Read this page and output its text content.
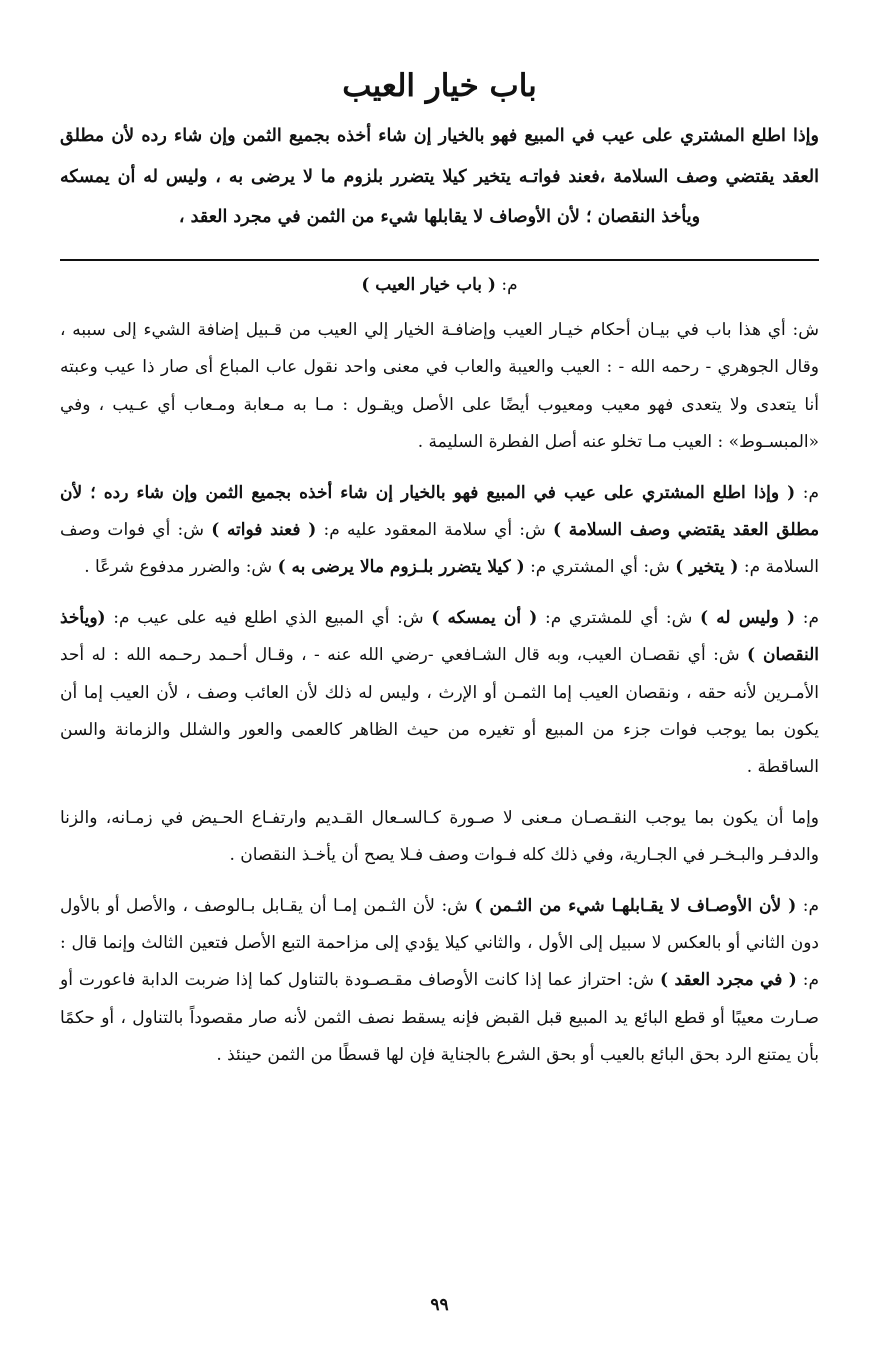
باب خيار العيب

وإذا اطلع المشتري على عيب في المبيع فهو بالخيار إن شاء أخذه بجميع الثمن وإن شاء رده لأن مطلق العقد يقتضي وصف السلامة ،فعند فواتـه يتخير كيلا يتضرر بلزوم ما لا يرضى به ، وليس له أن يمسكه ويأخذ النقصان ؛ لأن الأوصاف لا يقابلها شيء من الثمن في مجرد العقد ،

م: ( باب خيار العيب )

ش: أي هذا باب في بيـان أحكام خيـار العيب وإضافـة الخيار إلي العيب من قـبيل إضافة الشيء إلى سببه ، وقال الجوهري - رحمه الله - : العيب والعيبة والعاب في معنى واحد نقول عاب المباع أى صار ذا عيب وعبته أنا يتعدى ولا يتعدى فهو معيب ومعيوب أيضًا على الأصل ويقـول : مـا به مـعابة ومـعاب أي عـيب ، وفي «المبسـوط» : العيب مـا تخلو عنه أصل الفطرة السليمة .

م: ( وإذا اطلع المشتري على عيب في المبيع فهو بالخيار إن شاء أخذه بجميع الثمن وإن شاء رده ؛ لأن مطلق العقد يقتضي وصف السلامة ) ش: أي سلامة المعقود عليه م: ( فعند فواته ) ش: أي فوات وصف السلامة م: ( يتخير ) ش: أي المشتري م: ( كيلا يتضرر بلـزوم مالا يرضى به ) ش: والضرر مدفوع شرعًا .

م: ( وليس له ) ش: أي للمشتري م: ( أن يمسكه ) ش: أي المبيع الذي اطلع فيه على عيب م: (ويأخذ النقصان ) ش: أي نقصـان العيب، وبه قال الشـافعي -رضي الله عنه - ، وقـال أحـمد رحـمه الله : له أحد الأمـرين لأنه حقه ، ونقصان العيب إما الثمـن أو الإرث ، وليس له ذلك لأن العائب وصف ، لأن العيب إما أن يكون بما يوجب فوات جزء من المبيع أو تغيره من حيث الظاهر كالعمى والعور والشلل والزمانة والسن الساقطة .

وإما أن يكون بما يوجب النقـصـان مـعنى لا صـورة كـالسـعال القـديم وارتفـاع الحـيض في زمـانه، والزنا والدفـر والبـخـر في الجـارية، وفي ذلك كله فـوات وصف فـلا يصح أن يأخـذ النقصان .

م: ( لأن الأوصـاف لا يقـابلهـا شيء من الثـمن ) ش: لأن الثـمن إمـا أن يقـابل بـالوصف ، والأصل أو بالأول دون الثاني أو بالعكس لا سبيل إلى الأول ، والثاني كيلا يؤدي إلى مزاحمة التبع الأصل فتعين الثالث وإنما قال : م: ( في مجرد العقد ) ش: احتراز عما إذا كانت الأوصاف مقـصـودة بالتناول كما إذا ضربت الدابة فاعورت أو صـارت معيبًا أو قطع البائع يد المبيع قبل القبض فإنه يسقط نصف الثمن لأنه صار مقصوداً بالتناول ، أو حكمًا بأن يمتنع الرد بحق البائع بالعيب أو بحق الشرع بالجناية فإن لها قسطًا من الثمن حينئذ .

٩٩
